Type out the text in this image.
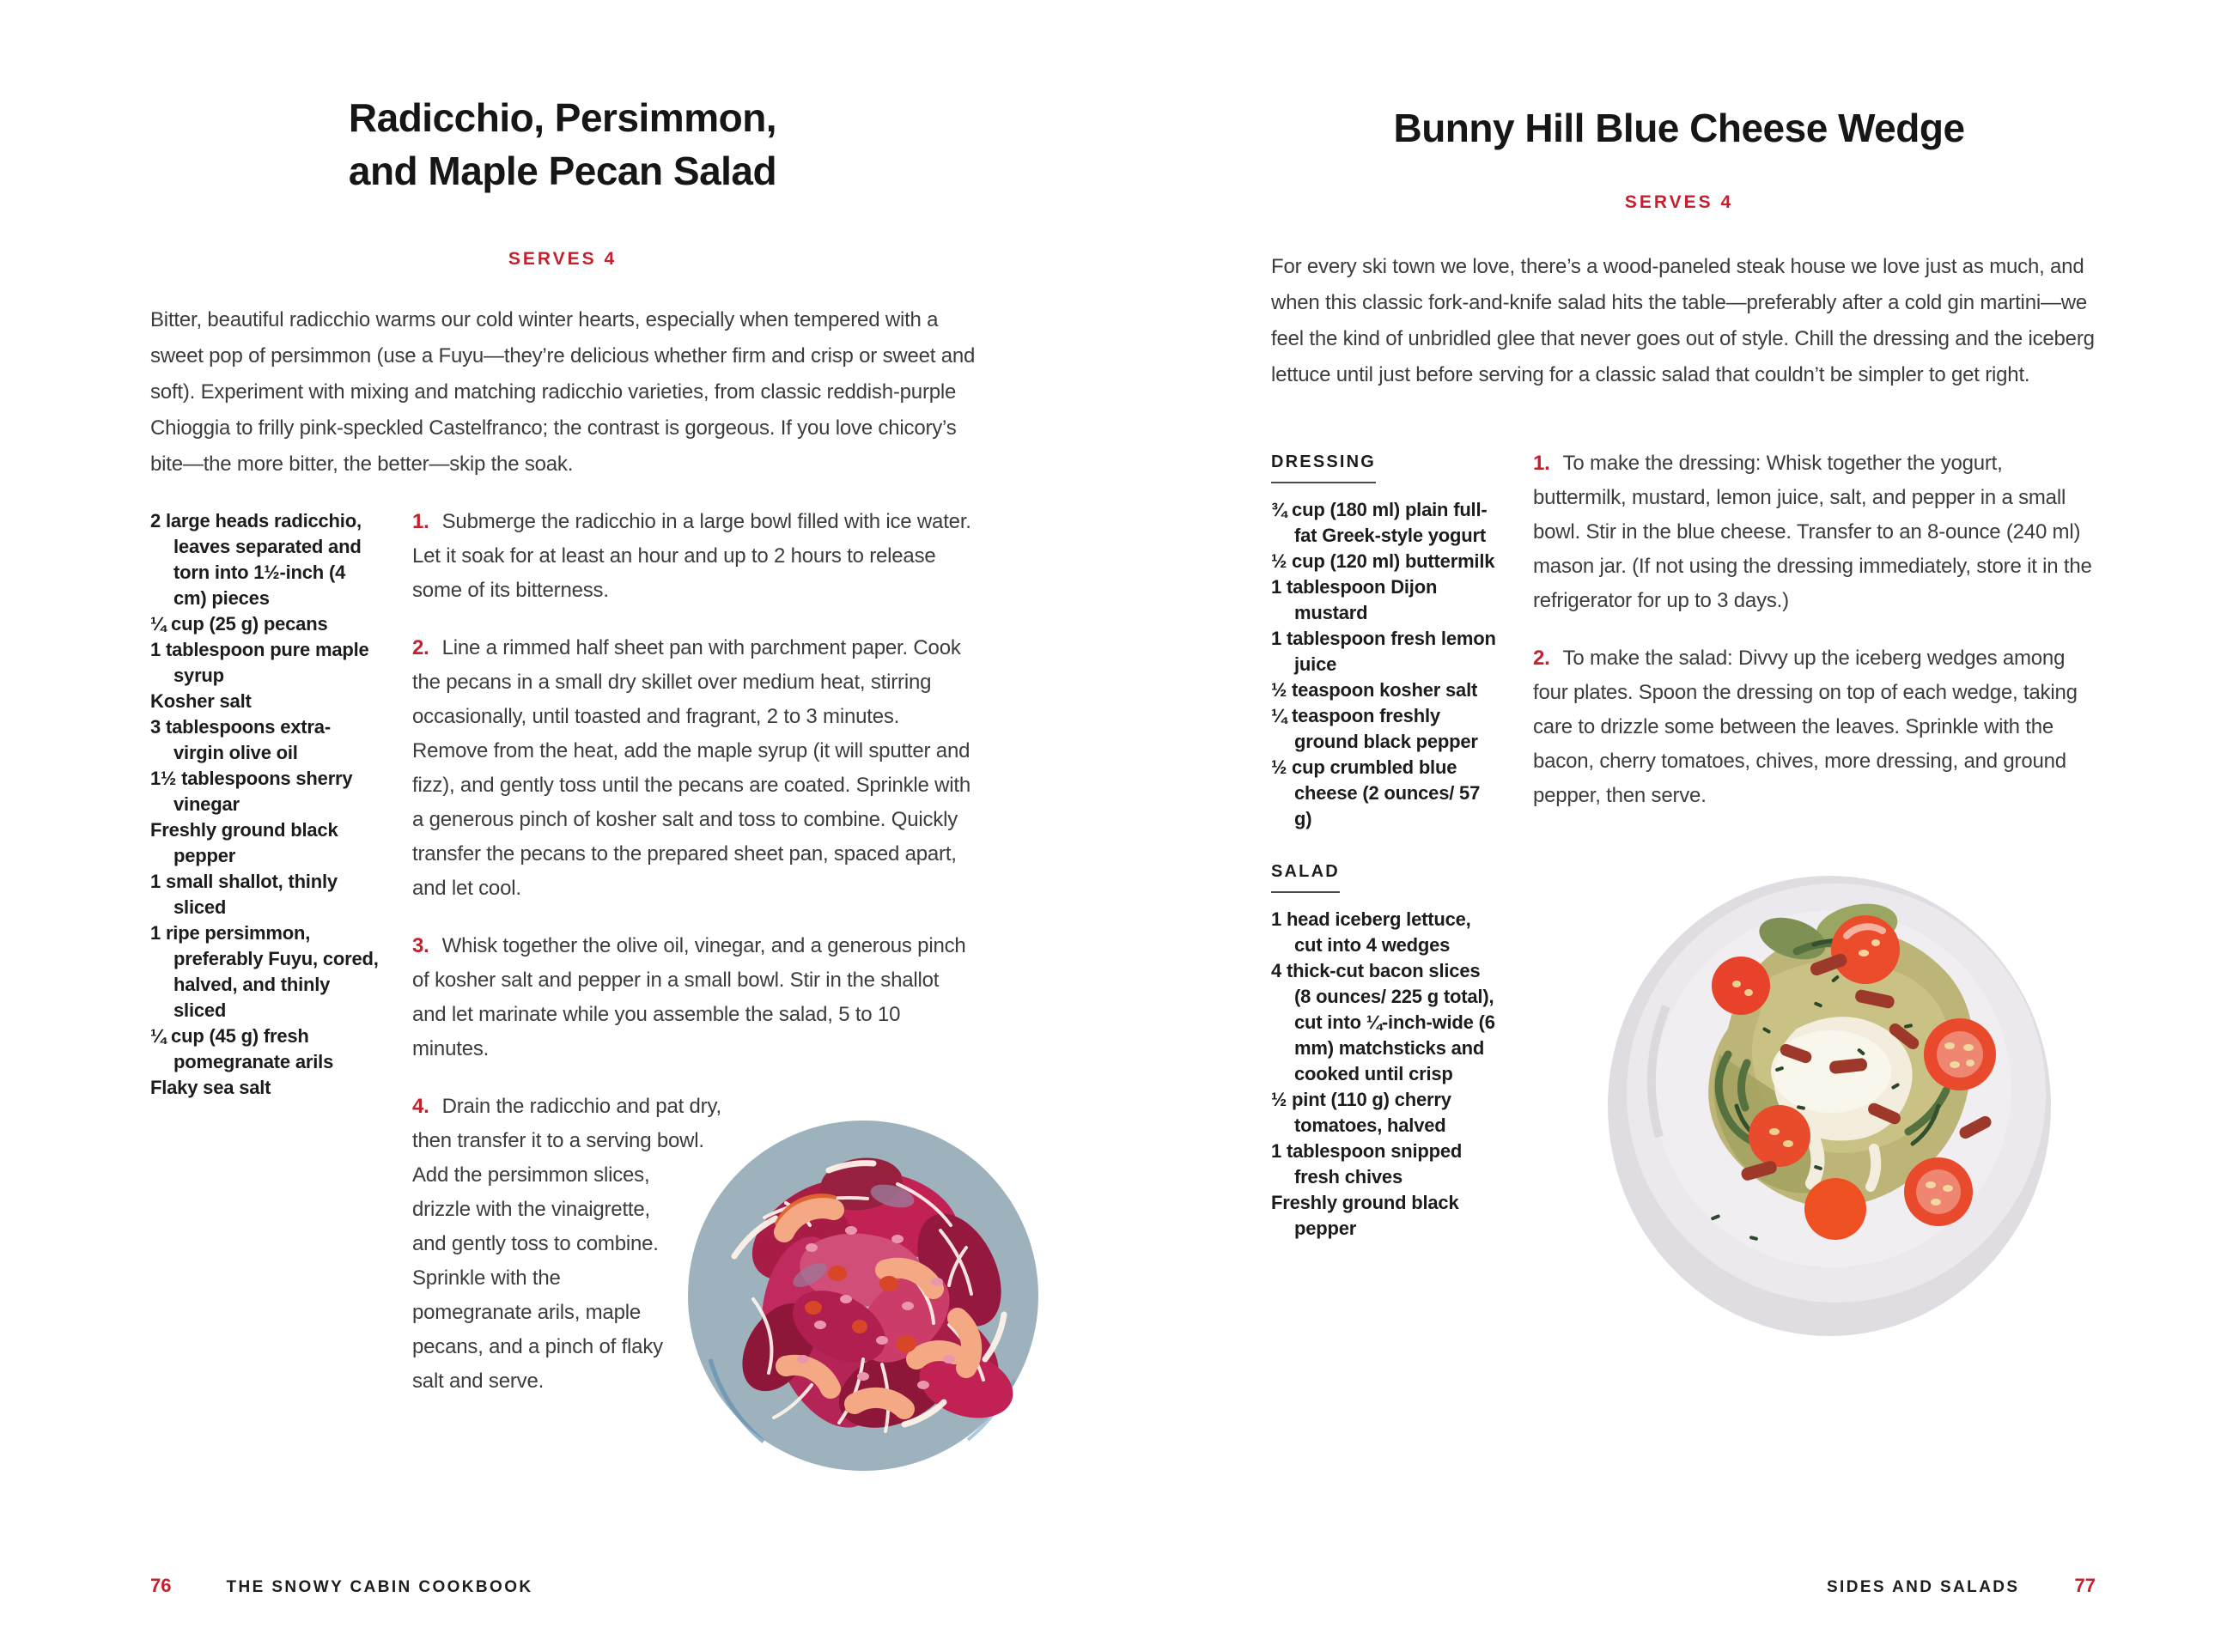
Radicchio, Persimmon,
and Maple Pecan Salad
SERVES 4
Bitter, beautiful radicchio warms our cold winter hearts, especially when tempered with a sweet pop of persimmon (use a Fuyu—they’re delicious whether firm and crisp or sweet and soft). Experiment with mixing and matching radicchio varieties, from classic reddish-purple Chioggia to frilly pink-speckled Castelfranco; the contrast is gorgeous. If you love chicory’s bite—the more bitter, the better—skip the soak.
2 large heads radicchio, leaves separated and torn into 1½-inch (4 cm) pieces
¼ cup (25 g) pecans
1 tablespoon pure maple syrup
Kosher salt
3 tablespoons extra-virgin olive oil
1½ tablespoons sherry vinegar
Freshly ground black pepper
1 small shallot, thinly sliced
1 ripe persimmon, preferably Fuyu, cored, halved, and thinly sliced
¼ cup (45 g) fresh pomegranate arils
Flaky sea salt

1. Submerge the radicchio in a large bowl filled with ice water. Let it soak for at least an hour and up to 2 hours to release some of its bitterness.

2. Line a rimmed half sheet pan with parchment paper. Cook the pecans in a small dry skillet over medium heat, stirring occasionally, until toasted and fragrant, 2 to 3 minutes. Remove from the heat, add the maple syrup (it will sputter and fizz), and gently toss until the pecans are coated. Sprinkle with a generous pinch of kosher salt and toss to combine. Quickly transfer the pecans to the prepared sheet pan, spaced apart, and let cool.

3. Whisk together the olive oil, vinegar, and a generous pinch of kosher salt and pepper in a small bowl. Stir in the shallot and let marinate while you assemble the salad, 5 to 10 minutes.

4. Drain the radicchio and pat dry, then transfer it to a serving bowl. Add the persimmon slices, drizzle with the vinaigrette, and gently toss to combine. Sprinkle with the pomegranate arils, maple pecans, and a pinch of flaky salt and serve.

Bunny Hill Blue Cheese Wedge
SERVES 4
For every ski town we love, there’s a wood-paneled steak house we love just as much, and when this classic fork-and-knife salad hits the table—preferably after a cold gin martini—we feel the kind of unbridled glee that never goes out of style. Chill the dressing and the iceberg lettuce until just before serving for a classic salad that couldn’t be simpler to get right.
DRESSING
¾ cup (180 ml) plain full-fat Greek-style yogurt
½ cup (120 ml) buttermilk
1 tablespoon Dijon mustard
1 tablespoon fresh lemon juice
½ teaspoon kosher salt
¼ teaspoon freshly ground black pepper
½ cup crumbled blue cheese (2 ounces/ 57 g)
SALAD
1 head iceberg lettuce, cut into 4 wedges
4 thick-cut bacon slices (8 ounces/ 225 g total), cut into ¼-inch-wide (6 mm) matchsticks and cooked until crisp
½ pint (110 g) cherry tomatoes, halved
1 tablespoon snipped fresh chives
Freshly ground black pepper

1. To make the dressing: Whisk together the yogurt, buttermilk, mustard, lemon juice, salt, and pepper in a small bowl. Stir in the blue cheese. Transfer to an 8-ounce (240 ml) mason jar. (If not using the dressing immediately, store it in the refrigerator for up to 3 days.)

2. To make the salad: Divvy up the iceberg wedges among four plates. Spoon the dressing on top of each wedge, taking care to drizzle some between the leaves. Sprinkle with the bacon, cherry tomatoes, chives, more dressing, and ground pepper, then serve.

76	THE SNOWY CABIN COOKBOOK	SIDES AND SALADS	77
